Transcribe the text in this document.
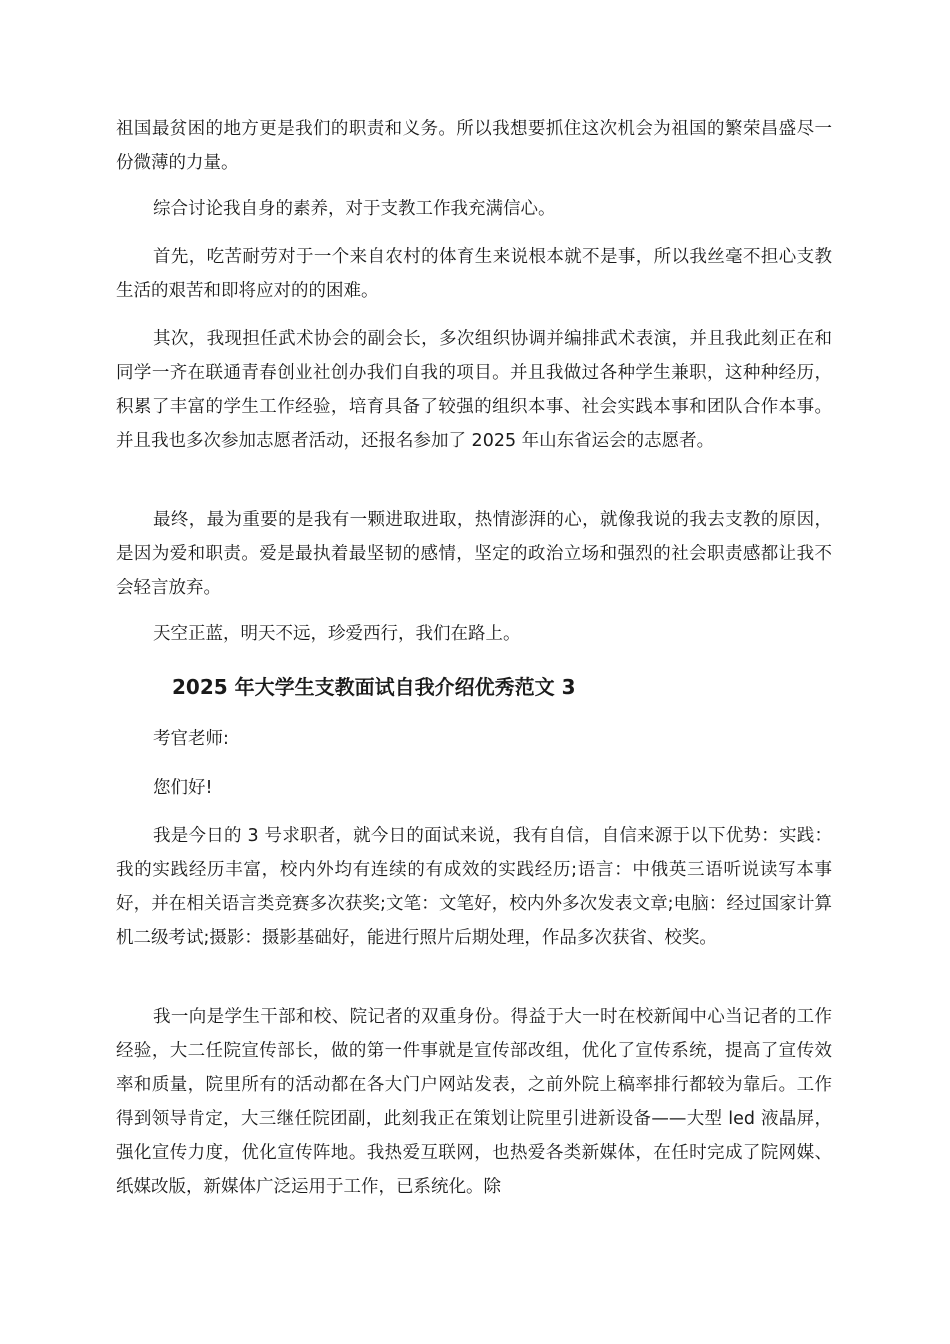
祖国最贫困的地方更是我们的职责和义务。所以我想要抓住这次机会为祖国的繁荣昌盛尽一份微薄的力量。

综合讨论我自身的素养，对于支教工作我充满信心。

首先，吃苦耐劳对于一个来自农村的体育生来说根本就不是事，所以我丝毫不担心支教生活的艰苦和即将应对的的困难。

其次，我现担任武术协会的副会长，多次组织协调并编排武术表演，并且我此刻正在和同学一齐在联通青春创业社创办我们自我的项目。并且我做过各种学生兼职，这种种经历，积累了丰富的学生工作经验，培育具备了较强的组织本事、社会实践本事和团队合作本事。并且我也多次参加志愿者活动，还报名参加了 2025 年山东省运会的志愿者。

最终，最为重要的是我有一颗进取进取，热情澎湃的心，就像我说的我去支教的原因，是因为爱和职责。爱是最执着最坚韧的感情，坚定的政治立场和强烈的社会职责感都让我不会轻言放弃。

天空正蓝，明天不远，珍爱西行，我们在路上。

2025 年大学生支教面试自我介绍优秀范文 3

考官老师:

您们好!

我是今日的 3 号求职者，就今日的面试来说，我有自信，自信来源于以下优势：实践：我的实践经历丰富，校内外均有连续的有成效的实践经历;语言：中俄英三语听说读写本事好，并在相关语言类竞赛多次获奖;文笔：文笔好，校内外多次发表文章;电脑：经过国家计算机二级考试;摄影：摄影基础好，能进行照片后期处理，作品多次获省、校奖。

我一向是学生干部和校、院记者的双重身份。得益于大一时在校新闻中心当记者的工作经验，大二任院宣传部长，做的第一件事就是宣传部改组，优化了宣传系统，提高了宣传效率和质量，院里所有的活动都在各大门户网站发表，之前外院上稿率排行都较为靠后。工作得到领导肯定，大三继任院团副，此刻我正在策划让院里引进新设备——大型 led 液晶屏，强化宣传力度，优化宣传阵地。我热爱互联网，也热爱各类新媒体，在任时完成了院网媒、纸媒改版，新媒体广泛运用于工作，已系统化。除
